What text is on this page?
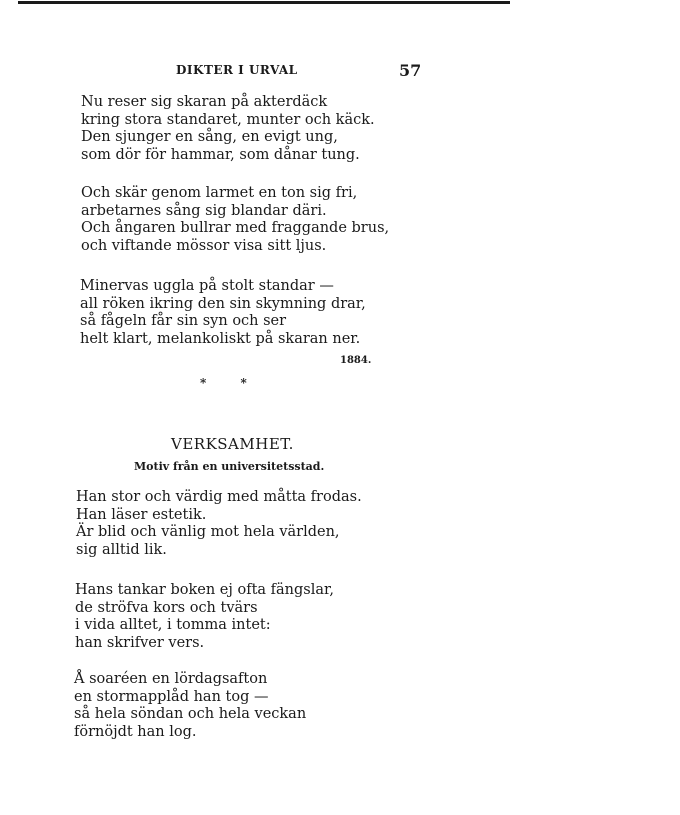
DIKTER I URVAL	57
Nu reser sig skaran på akterdäck
kring stora standaret, munter och käck.
Den sjunger en sång, en evigt ung,
som dör för hammar, som dånar tung.
Och skär genom larmet en ton sig fri,
arbetarnes sång sig blandar däri.
Och ångaren bullrar med fraggande brus,
och viftande mössor visa sitt ljus.
Minervas uggla på stolt standar —
all röken ikring den sin skymning drar,
så fågeln får sin syn och ser
helt klart, melankoliskt på skaran ner.
1884.
* *
VERKSAMHET.
Motiv från en universitetsstad.
Han stor och värdig med måtta frodas.
Han läser estetik.
Är blid och vänlig mot hela världen,
sig alltid lik.
Hans tankar boken ej ofta fängslar,
de ströfva kors och tvärs
i vida alltet, i tomma intet:
han skrifver vers.
Å soaréen en lördagsafton
en stormapplåd han tog —
så hela söndan och hela veckan
förnöjdt han log.
